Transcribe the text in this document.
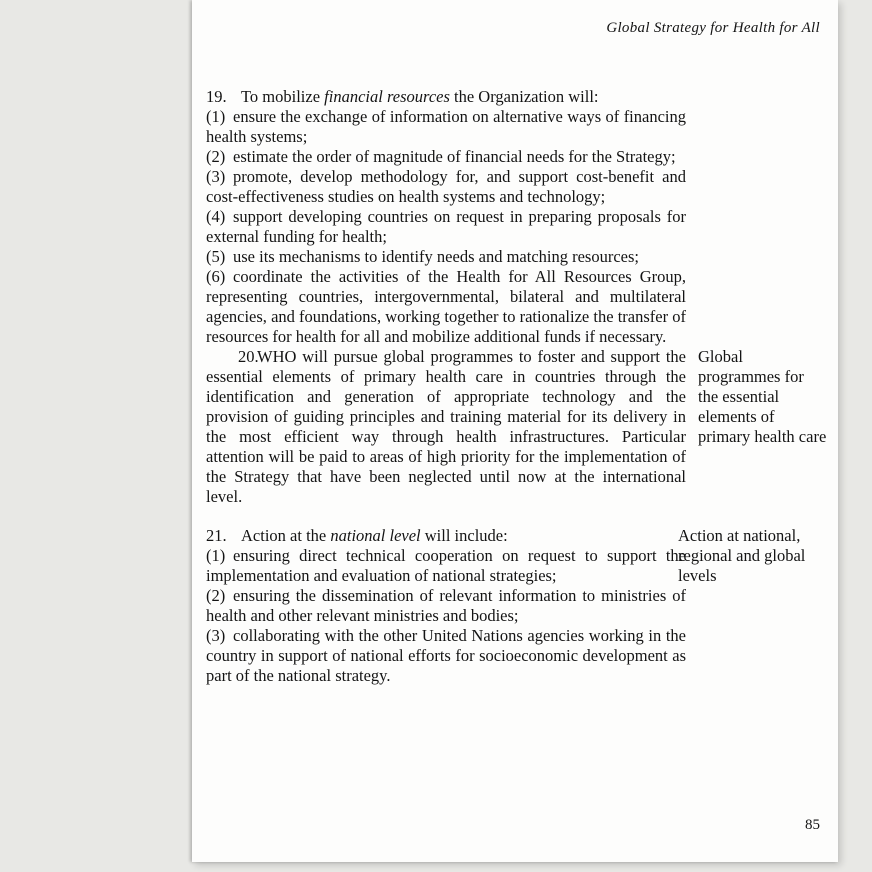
Global Strategy for Health for All

19. To mobilize financial resources the Organization will:

(1) ensure the exchange of information on alternative ways of financing health systems;

(2) estimate the order of magnitude of financial needs for the Strategy;

(3) promote, develop methodology for, and support cost-benefit and cost-effectiveness studies on health systems and technology;

(4) support developing countries on request in preparing proposals for external funding for health;

(5) use its mechanisms to identify needs and matching resources;

(6) coordinate the activities of the Health for All Resources Group, representing countries, intergovernmental, bilateral and multilateral agencies, and foundations, working together to rationalize the transfer of resources for health for all and mobilize additional funds if necessary.

20.WHO will pursue global programmes to foster and support the essential elements of primary health care in countries through the identification and generation of appropriate technology and the provision of guiding principles and training material for its delivery in the most efficient way through health infrastructures. Particular attention will be paid to areas of high priority for the implementation of the Strategy that have been neglected until now at the international level.
Global programmes for the essential elements of primary health care

21. Action at the national level will include:	Action at national, regional and global levels

(1) ensuring direct technical cooperation on request to support the implementation and evaluation of national strategies;

(2) ensuring the dissemination of relevant information to ministries of health and other relevant ministries and bodies;

(3) collaborating with the other United Nations agencies working in the country in support of national efforts for socioeconomic development as part of the national strategy.

85
